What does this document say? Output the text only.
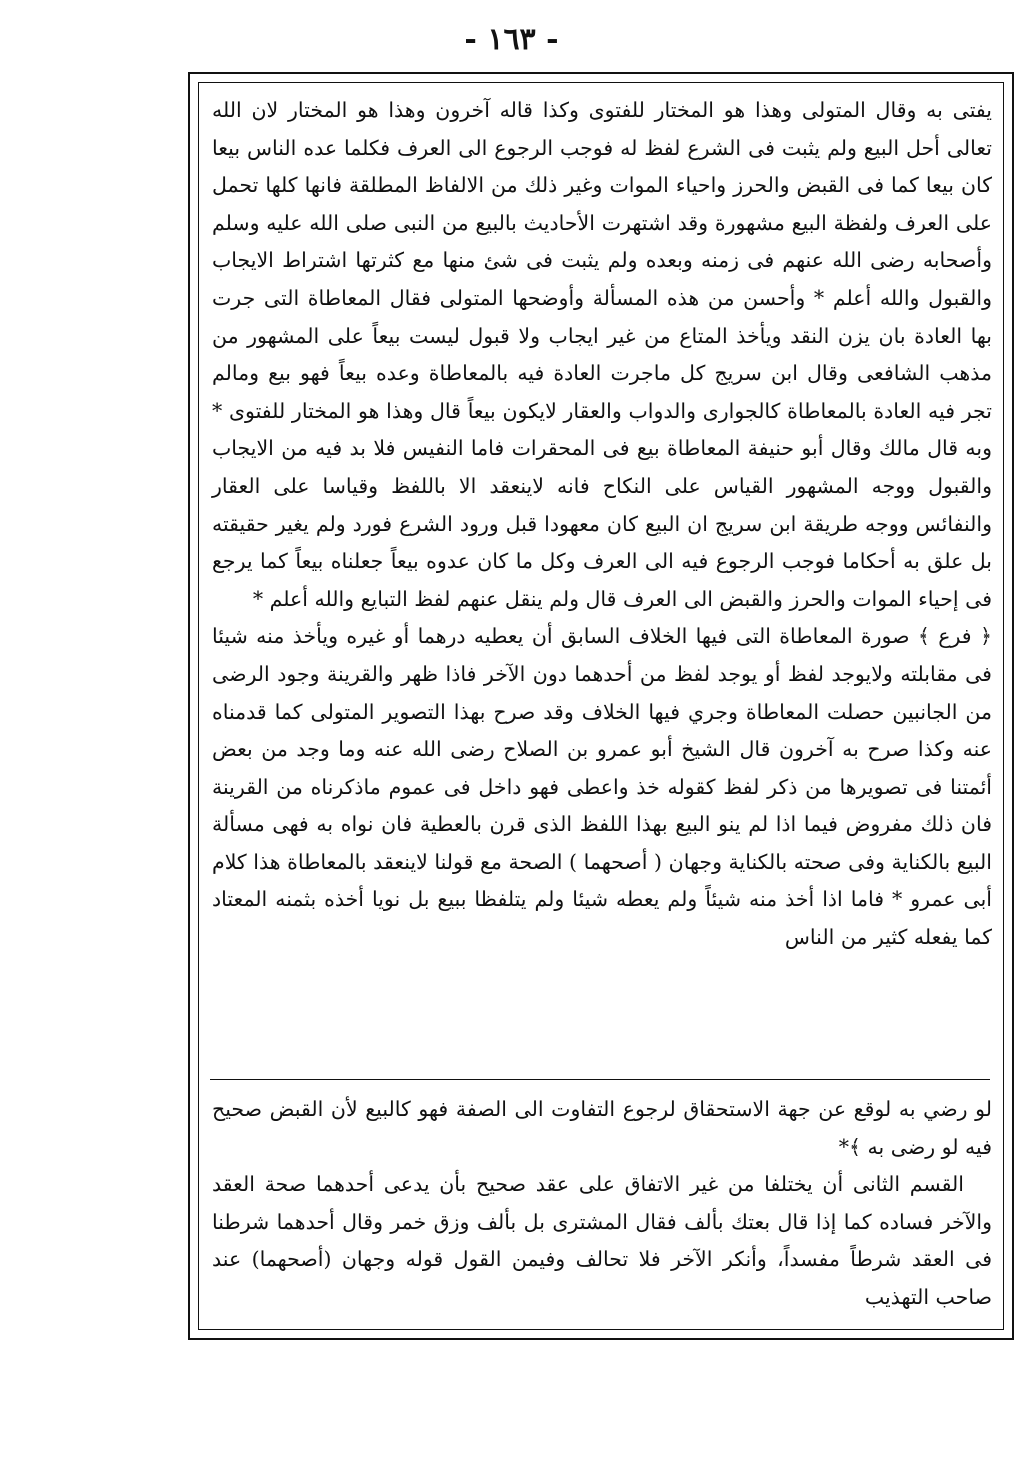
- ١٦٣ -

يفتى به وقال المتولى وهذا هو المختار للفتوى وكذا قاله آخرون وهذا هو المختار لان الله تعالى أحل البيع ولم يثبت فى الشرع لفظ له فوجب الرجوع الى العرف فكلما عده الناس بيعا كان بيعا كما فى القبض والحرز واحياء الموات وغير ذلك من الالفاظ المطلقة فانها كلها تحمل على العرف ولفظة البيع مشهورة وقد اشتهرت الأحاديث بالبيع من النبى صلى الله عليه وسلم وأصحابه رضى الله عنهم فى زمنه وبعده ولم يثبت فى شئ منها مع كثرتها اشتراط الايجاب والقبول والله أعلم * وأحسن من هذه المسألة وأوضحها المتولى فقال المعاطاة التى جرت بها العادة بان يزن النقد ويأخذ المتاع من غير ايجاب ولا قبول ليست بيعاً على المشهور من مذهب الشافعى وقال ابن سريج كل ماجرت العادة فيه بالمعاطاة وعده بيعاً فهو بيع ومالم تجر فيه العادة بالمعاطاة كالجوارى والدواب والعقار لايكون بيعاً قال وهذا هو المختار للفتوى * وبه قال مالك وقال أبو حنيفة المعاطاة بيع فى المحقرات فاما النفيس فلا بد فيه من الايجاب والقبول ووجه المشهور القياس على النكاح فانه لاينعقد الا باللفظ وقياسا على العقار والنفائس ووجه طريقة ابن سريج ان البيع كان معهودا قبل ورود الشرع فورد ولم يغير حقيقته بل علق به أحكاما فوجب الرجوع فيه الى العرف وكل ما كان عدوه بيعاً جعلناه بيعاً كما يرجع فى إحياء الموات والحرز والقبض الى العرف قال ولم ينقل عنهم لفظ التبايع والله أعلم *

﴿ فرع ﴾ صورة المعاطاة التى فيها الخلاف السابق أن يعطيه درهما أو غيره ويأخذ منه شيئا فى مقابلته ولايوجد لفظ أو يوجد لفظ من أحدهما دون الآخر فاذا ظهر والقرينة وجود الرضى من الجانبين حصلت المعاطاة وجري فيها الخلاف وقد صرح بهذا التصوير المتولى كما قدمناه عنه وكذا صرح به آخرون قال الشيخ أبو عمرو بن الصلاح رضى الله عنه وما وجد من بعض أئمتنا فى تصويرها من ذكر لفظ كقوله خذ واعطى فهو داخل فى عموم ماذكرناه من القرينة فان ذلك مفروض فيما اذا لم ينو البيع بهذا اللفظ الذى قرن بالعطية فان نواه به فهى مسألة البيع بالكناية وفى صحته بالكناية وجهان ( أصحهما ) الصحة مع قولنا لاينعقد بالمعاطاة هذا كلام أبى عمرو * فاما اذا أخذ منه شيئاً ولم يعطه شيئا ولم يتلفظا ببيع بل نويا أخذه بثمنه المعتاد كما يفعله كثير من الناس

لو رضي به لوقع عن جهة الاستحقاق لرجوع التفاوت الى الصفة فهو كالبيع لأن القبض صحيح فيه لو رضى به ﴾*

القسم الثانى أن يختلفا من غير الاتفاق على عقد صحيح بأن يدعى أحدهما صحة العقد والآخر فساده كما إذا قال بعتك بألف فقال المشترى بل بألف وزق خمر وقال أحدهما شرطنا فى العقد شرطاً مفسداً، وأنكر الآخر فلا تحالف وفيمن القول قوله وجهان (أصحهما) عند صاحب التهذيب
